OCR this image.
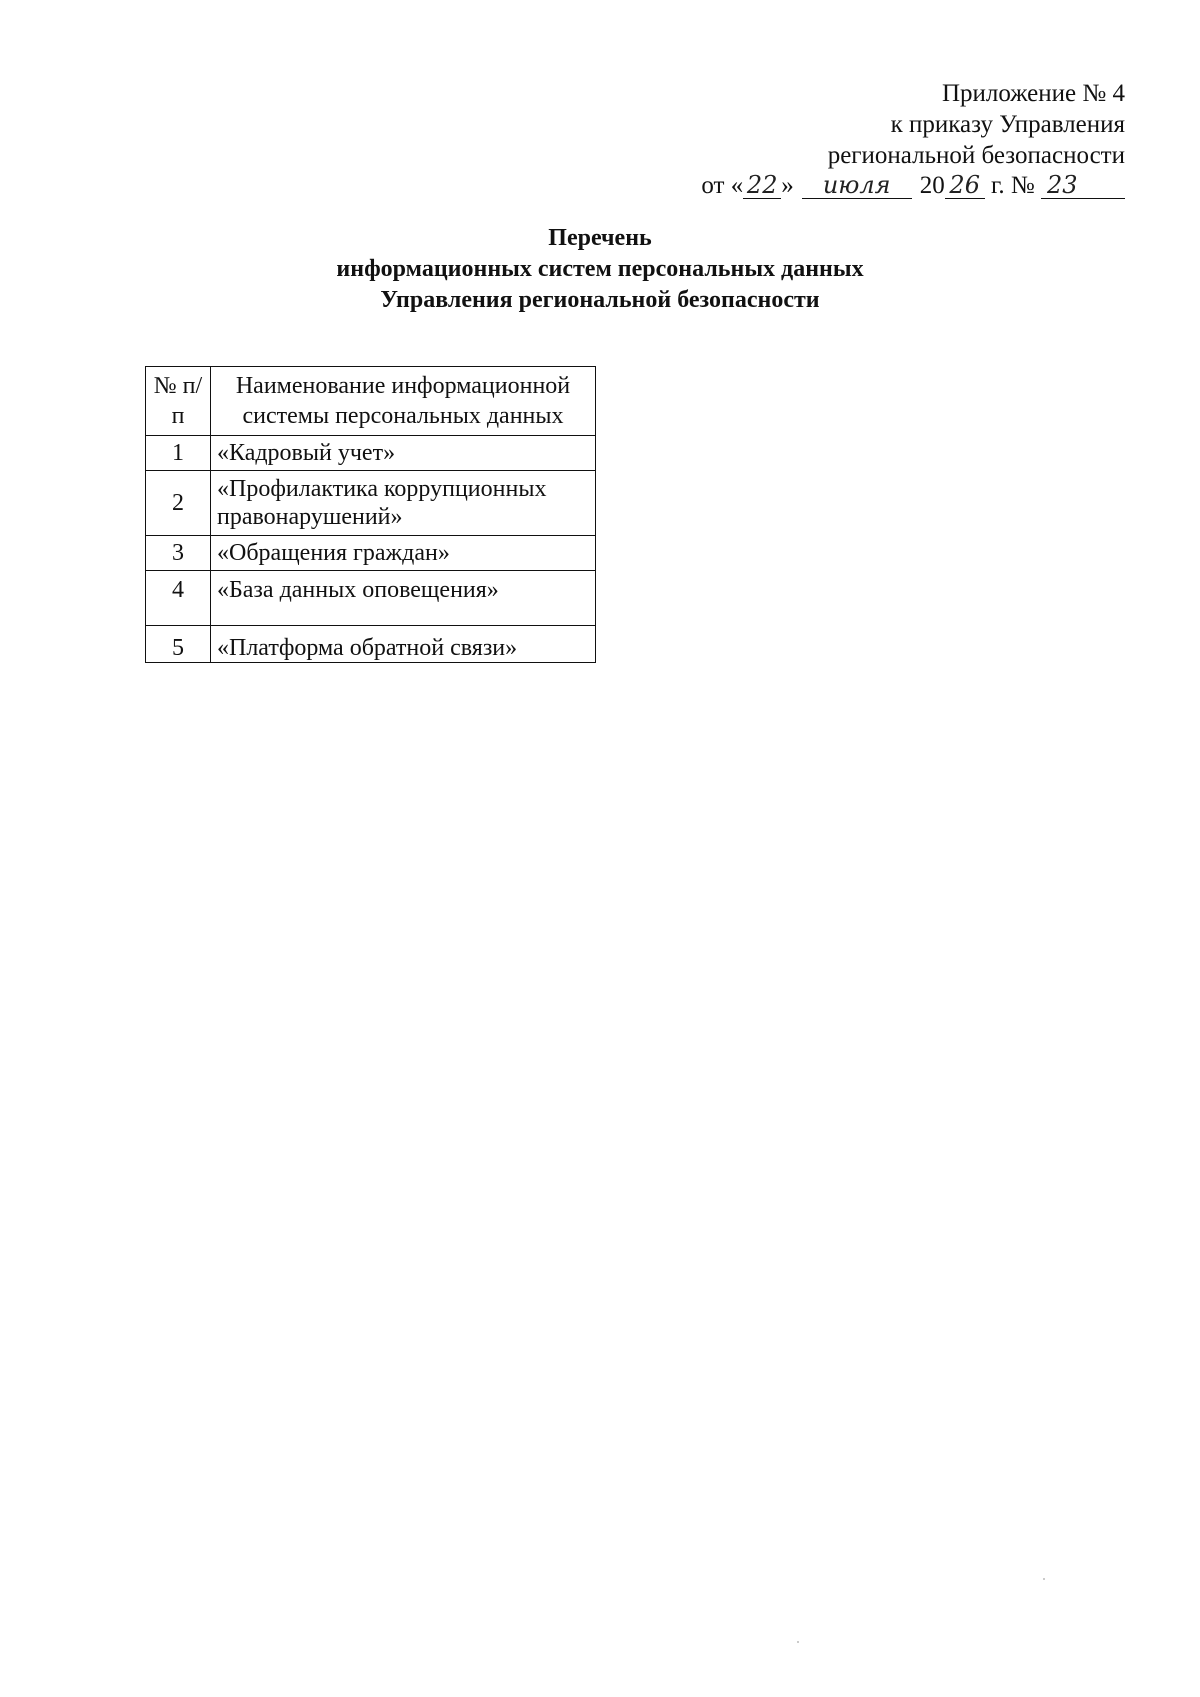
Приложение № 4
к приказу Управления
региональной безопасности
от « 22 » июля 20 26 г. № 23
Перечень
информационных систем персональных данных
Управления региональной безопасности
№ п/п	Наименование информационной системы персональных данных
1	«Кадровый учет»
2	«Профилактика коррупционных правонарушений»
3	«Обращения граждан»
4	«База данных оповещения»
5	«Платформа обратной связи»
